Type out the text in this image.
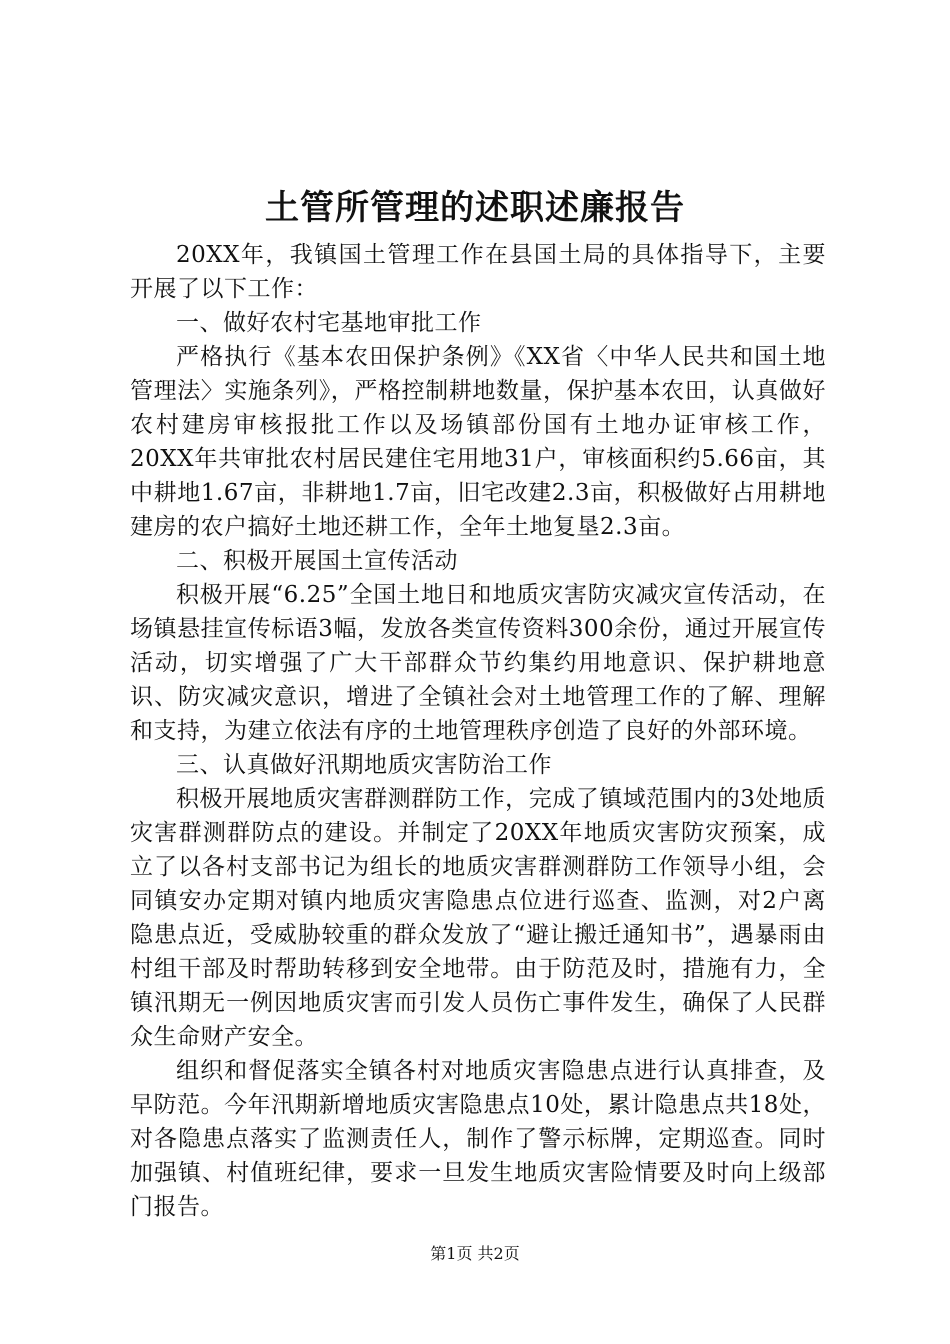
土管所管理的述职述廉报告

20XX年，我镇国土管理工作在县国土局的具体指导下，主要开展了以下工作：

一、做好农村宅基地审批工作

严格执行《基本农田保护条例》《XX省〈中华人民共和国土地管理法〉实施条列》，严格控制耕地数量，保护基本农田，认真做好农村建房审核报批工作以及场镇部份国有土地办证审核工作，20XX年共审批农村居民建住宅用地31户，审核面积约5.66亩，其中耕地1.67亩，非耕地1.7亩，旧宅改建2.3亩，积极做好占用耕地建房的农户搞好土地还耕工作，全年土地复垦2.3亩。

二、积极开展国土宣传活动

积极开展“6.25”全国土地日和地质灾害防灾减灾宣传活动，在场镇悬挂宣传标语3幅，发放各类宣传资料300余份，通过开展宣传活动，切实增强了广大干部群众节约集约用地意识、保护耕地意识、防灾减灾意识，增进了全镇社会对土地管理工作的了解、理解和支持，为建立依法有序的土地管理秩序创造了良好的外部环境。

三、认真做好汛期地质灾害防治工作

积极开展地质灾害群测群防工作，完成了镇域范围内的3处地质灾害群测群防点的建设。并制定了20XX年地质灾害防灾预案，成立了以各村支部书记为组长的地质灾害群测群防工作领导小组，会同镇安办定期对镇内地质灾害隐患点位进行巡查、监测，对2户离隐患点近，受威胁较重的群众发放了“避让搬迁通知书”，遇暴雨由村组干部及时帮助转移到安全地带。由于防范及时，措施有力，全镇汛期无一例因地质灾害而引发人员伤亡事件发生，确保了人民群众生命财产安全。

组织和督促落实全镇各村对地质灾害隐患点进行认真排查，及早防范。今年汛期新增地质灾害隐患点10处，累计隐患点共18处，对各隐患点落实了监测责任人，制作了警示标牌，定期巡查。同时加强镇、村值班纪律，要求一旦发生地质灾害险情要及时向上级部门报告。

第1页 共2页
